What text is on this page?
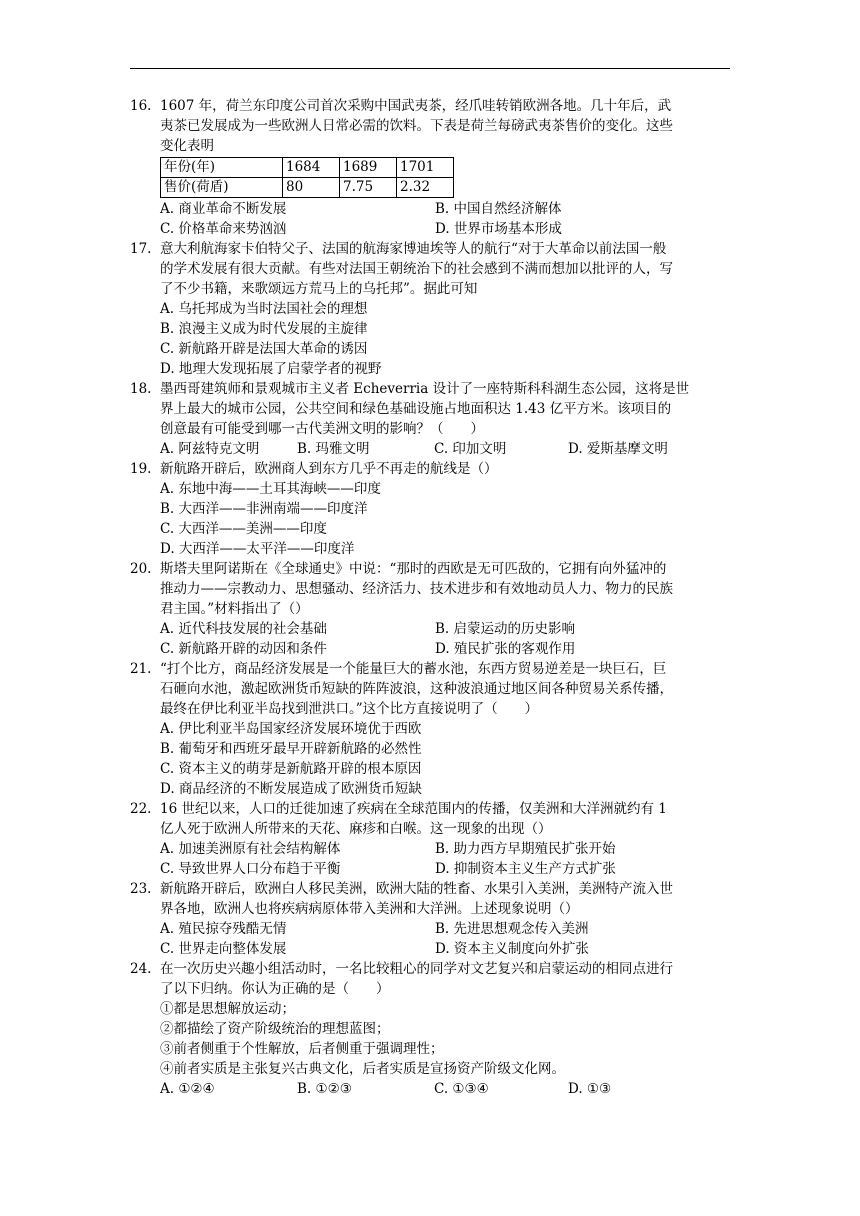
16. 1607 年，荷兰东印度公司首次采购中国武夷茶，经爪哇转销欧洲各地。几十年后，武
夷茶已发展成为一些欧洲人日常必需的饮料。下表是荷兰每磅武夷茶售价的变化。这些
变化表明
年份(年)	1684	1689	1701
售价(荷盾)	80	7.75	2.32
A. 商业革命不断发展	B. 中国自然经济解体
C. 价格革命来势汹汹	D. 世界市场基本形成
17. 意大利航海家卡伯特父子、法国的航海家博迪埃等人的航行“对于大革命以前法国一般
的学术发展有很大贡献。有些对法国王朝统治下的社会感到不满而想加以批评的人，写
了不少书籍，来歌颂远方荒马上的乌托邦”。据此可知
A. 乌托邦成为当时法国社会的理想
B. 浪漫主义成为时代发展的主旋律
C. 新航路开辟是法国大革命的诱因
D. 地理大发现拓展了启蒙学者的视野
18. 墨西哥建筑师和景观城市主义者 Echeverria 设计了一座特斯科科湖生态公园，这将是世
界上最大的城市公园，公共空间和绿色基础设施占地面积达 1.43 亿平方米。该项目的
创意最有可能受到哪一古代美洲文明的影响？（　　）
A. 阿兹特克文明	B. 玛雅文明	C. 印加文明	D. 爱斯基摩文明
19. 新航路开辟后，欧洲商人到东方几乎不再走的航线是（）
A. 东地中海——土耳其海峡——印度
B. 大西洋——非洲南端——印度洋
C. 大西洋——美洲——印度
D. 大西洋——太平洋——印度洋
20. 斯塔夫里阿诺斯在《全球通史》中说：“那时的西欧是无可匹敌的，它拥有向外猛冲的
推动力——宗教动力、思想骚动、经济活力、技术进步和有效地动员人力、物力的民族
君主国。”材料指出了（）
A. 近代科技发展的社会基础	B. 启蒙运动的历史影响
C. 新航路开辟的动因和条件	D. 殖民扩张的客观作用
21. “打个比方，商品经济发展是一个能量巨大的蓄水池，东西方贸易逆差是一块巨石，巨
石砸向水池，激起欧洲货币短缺的阵阵波浪，这种波浪通过地区间各种贸易关系传播，
最终在伊比利亚半岛找到泄洪口。”这个比方直接说明了（　　）
A. 伊比利亚半岛国家经济发展环境优于西欧
B. 葡萄牙和西班牙最早开辟新航路的必然性
C. 资本主义的萌芽是新航路开辟的根本原因
D. 商品经济的不断发展造成了欧洲货币短缺
22. 16 世纪以来，人口的迁徙加速了疾病在全球范围内的传播，仅美洲和大洋洲就约有 1
亿人死于欧洲人所带来的天花、麻疹和白喉。这一现象的出现（）
A. 加速美洲原有社会结构解体	B. 助力西方早期殖民扩张开始
C. 导致世界人口分布趋于平衡	D. 抑制资本主义生产方式扩张
23. 新航路开辟后，欧洲白人移民美洲，欧洲大陆的牲畜、水果引入美洲，美洲特产流入世
界各地，欧洲人也将疾病病原体带入美洲和大洋洲。上述现象说明（）
A. 殖民掠夺残酷无情	B. 先进思想观念传入美洲
C. 世界走向整体发展	D. 资本主义制度向外扩张
24. 在一次历史兴趣小组活动时，一名比较粗心的同学对文艺复兴和启蒙运动的相同点进行
了以下归纳。你认为正确的是（　　）
①都是思想解放运动；
②都描绘了资产阶级统治的理想蓝图；
③前者侧重于个性解放，后者侧重于强调理性；
④前者实质是主张复兴古典文化，后者实质是宣扬资产阶级文化网。
A. ①②④	B. ①②③	C. ①③④	D. ①③
